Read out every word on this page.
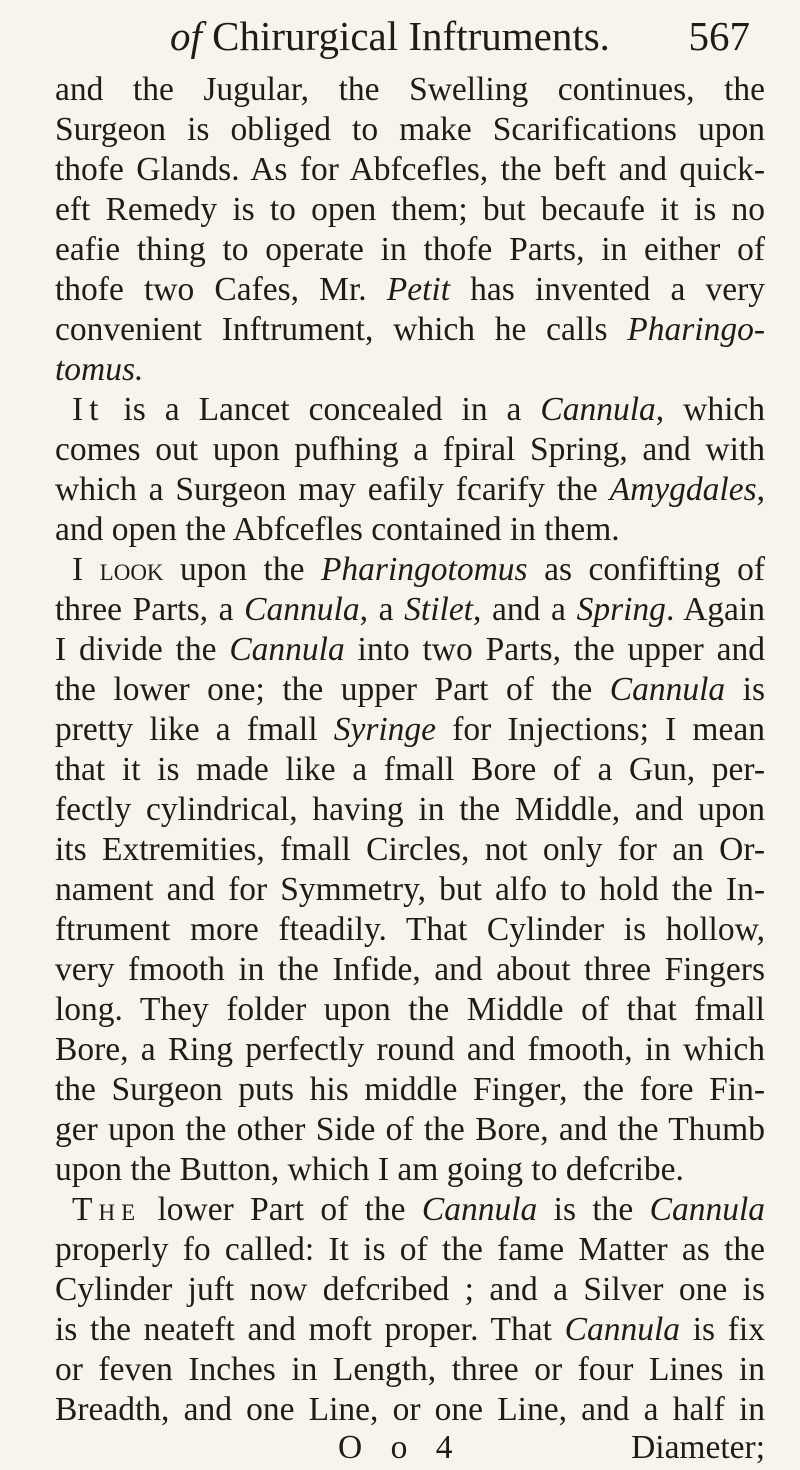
of Chirurgical Inftruments. 567
and the Jugular, the Swelling continues, the
Surgeon is obliged to make Scarifications upon
thofe Glands. As for Abfcefles, the beft and quick-
eft Remedy is to open them; but becaufe it is no
eafie thing to operate in thofe Parts, in either of
thofe two Cafes, Mr. Petit has invented a very
convenient Inftrument, which he calls Pharingo-
tomus.
It is a Lancet concealed in a Cannula, which
comes out upon pufhing a fpiral Spring, and with
which a Surgeon may eafily fcarify the Amygdales,
and open the Abfcefles contained in them.
I look upon the Pharingotomus as confifting of
three Parts, a Cannula, a Stilet, and a Spring. Again
I divide the Cannula into two Parts, the upper and
the lower one; the upper Part of the Cannula is
pretty like a fmall Syringe for Injections; I mean
that it is made like a fmall Bore of a Gun, per-
fectly cylindrical, having in the Middle, and upon
its Extremities, fmall Circles, not only for an Or-
nament and for Symmetry, but alfo to hold the In-
ftrument more fteadily. That Cylinder is hollow,
very fmooth in the Infide, and about three Fingers
long. They folder upon the Middle of that fmall
Bore, a Ring perfectly round and fmooth, in which
the Surgeon puts his middle Finger, the fore Fin-
ger upon the other Side of the Bore, and the Thumb
upon the Button, which I am going to defcribe.
The lower Part of the Cannula is the Cannula
properly fo called: It is of the fame Matter as the
Cylinder juft now defcribed ; and a Silver one is
is the neateft and moft proper. That Cannula is fix
or feven Inches in Length, three or four Lines in
Breadth, and one Line, or one Line, and a half in
O o 4	Diameter;
